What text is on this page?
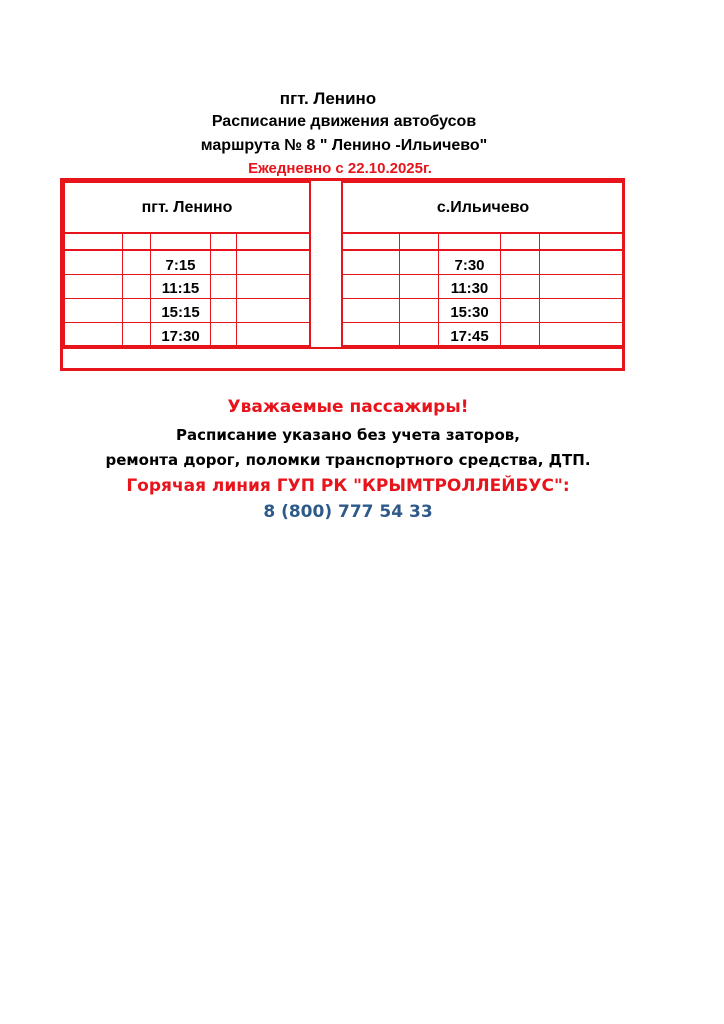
пгт. Ленино
Расписание движения автобусов
маршрута № 8 " Ленино -Ильичево"
Ежедневно с 22.10.2025г.
пгт. Ленино	с.Ильичево
7:15
11:15
15:15
17:30
7:30
11:30
15:30
17:45
Уважаемые пассажиры!
Расписание указано без учета заторов,
ремонта дорог, поломки транспортного средства, ДТП.
Горячая линия ГУП РК "КРЫМТРОЛЛЕЙБУС":
8 (800) 777 54 33
